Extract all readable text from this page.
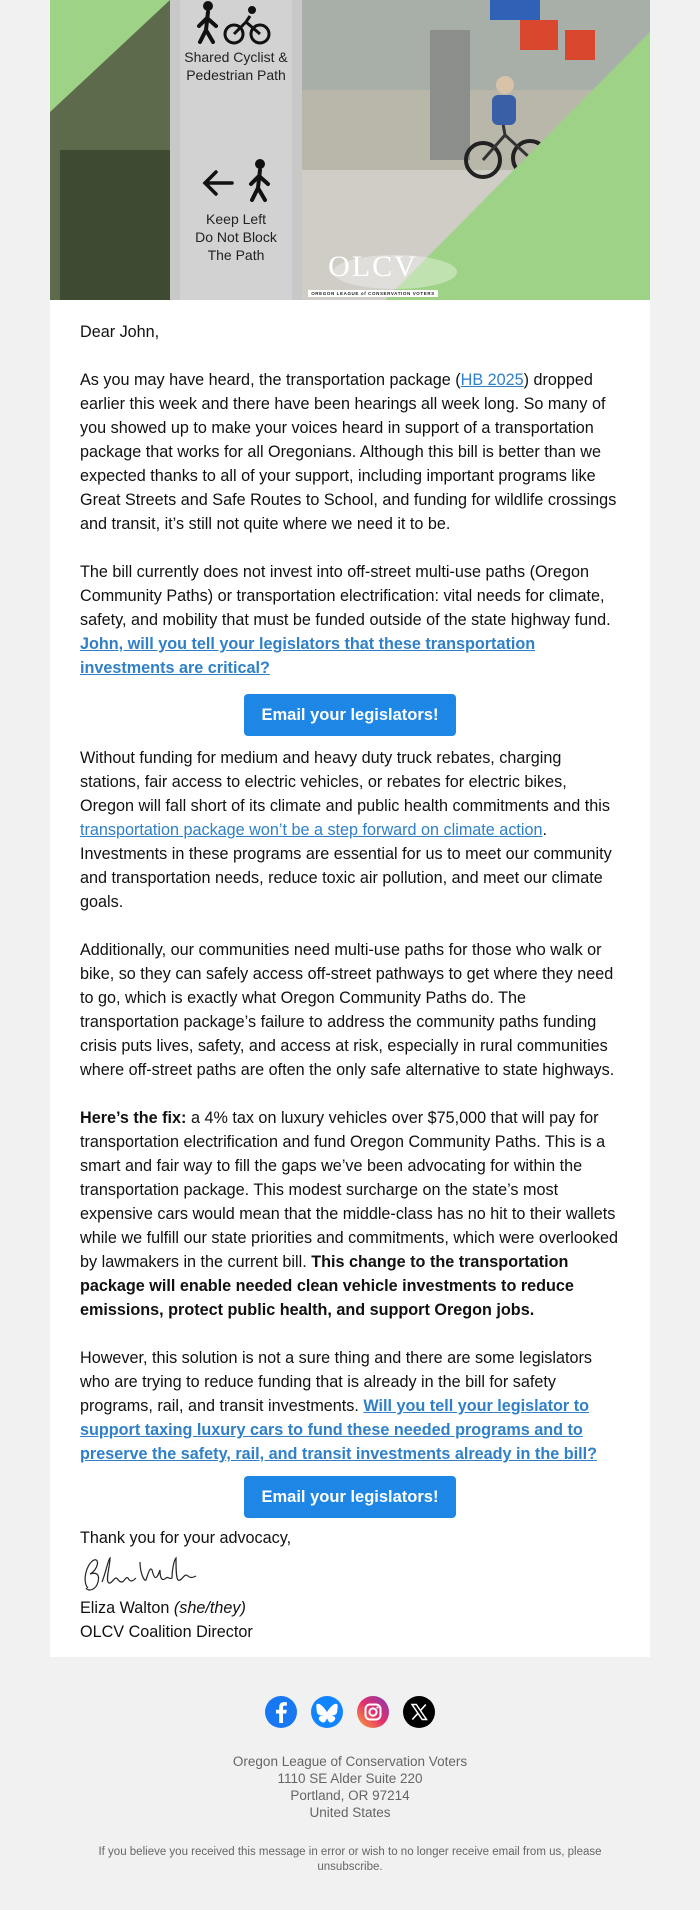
Shared Cyclist &
Pedestrian Path
Keep Left
Do Not Block
The Path	OLCV
OREGON LEAGUE of CONSERVATION VOTERS

Dear John,

As you may have heard, the transportation package (HB 2025) dropped earlier this week and there have been hearings all week long. So many of you showed up to make your voices heard in support of a transportation package that works for all Oregonians. Although this bill is better than we expected thanks to all of your support, including important programs like Great Streets and Safe Routes to School, and funding for wildlife crossings and transit, it’s still not quite where we need it to be.

The bill currently does not invest into off-street multi-use paths (Oregon Community Paths) or transportation electrification: vital needs for climate, safety, and mobility that must be funded outside of the state highway fund. John, will you tell your legislators that these transportation investments are critical?

Email your legislators!

Without funding for medium and heavy duty truck rebates, charging stations, fair access to electric vehicles, or rebates for electric bikes, Oregon will fall short of its climate and public health commitments and this transportation package won’t be a step forward on climate action. Investments in these programs are essential for us to meet our community and transportation needs, reduce toxic air pollution, and meet our climate goals.

Additionally, our communities need multi-use paths for those who walk or bike, so they can safely access off-street pathways to get where they need to go, which is exactly what Oregon Community Paths do. The transportation package’s failure to address the community paths funding crisis puts lives, safety, and access at risk, especially in rural communities where off-street paths are often the only safe alternative to state highways.

Here’s the fix: a 4% tax on luxury vehicles over $75,000 that will pay for transportation electrification and fund Oregon Community Paths. This is a smart and fair way to fill the gaps we’ve been advocating for within the transportation package. This modest surcharge on the state’s most expensive cars would mean that the middle-class has no hit to their wallets while we fulfill our state priorities and commitments, which were overlooked by lawmakers in the current bill. This change to the transportation package will enable needed clean vehicle investments to reduce emissions, protect public health, and support Oregon jobs.

However, this solution is not a sure thing and there are some legislators who are trying to reduce funding that is already in the bill for safety programs, rail, and transit investments. Will you tell your legislator to support taxing luxury cars to fund these needed programs and to preserve the safety, rail, and transit investments already in the bill?

Email your legislators!

Thank you for your advocacy,

Eliza Walton (she/they)

OLCV Coalition Director

Oregon League of Conservation Voters
1110 SE Alder Suite 220
Portland, OR 97214
United States
If you believe you received this message in error or wish to no longer receive email from us, please unsubscribe.
